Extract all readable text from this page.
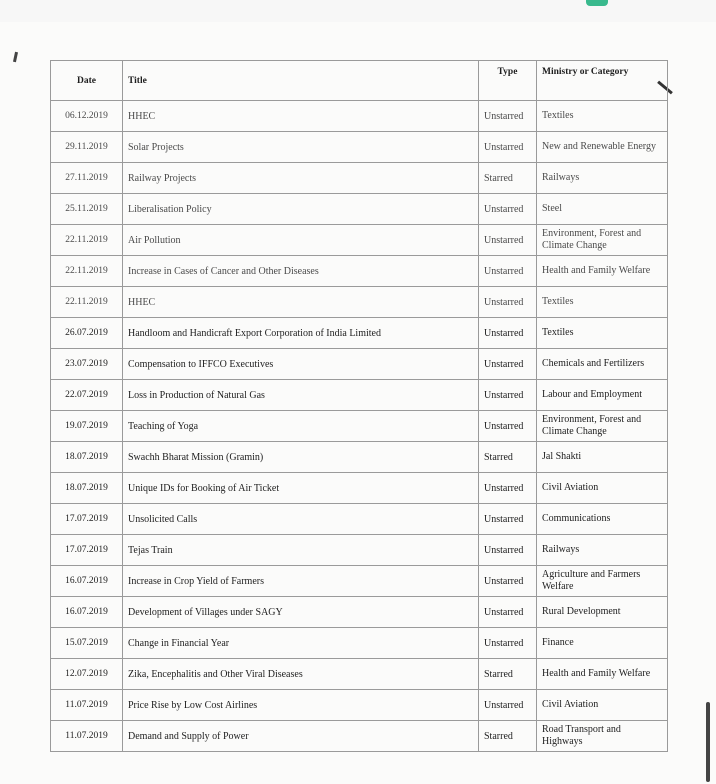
Date	Title	Type	Ministry or Category
06.12.2019	HHEC	Unstarred	Textiles
29.11.2019	Solar Projects	Unstarred	New and Renewable Energy
27.11.2019	Railway Projects	Starred	Railways
25.11.2019	Liberalisation Policy	Unstarred	Steel
22.11.2019	Air Pollution	Unstarred	Environment, Forest and Climate Change
22.11.2019	Increase in Cases of Cancer and Other Diseases	Unstarred	Health and Family Welfare
22.11.2019	HHEC	Unstarred	Textiles
26.07.2019	Handloom and Handicraft Export Corporation of India Limited	Unstarred	Textiles
23.07.2019	Compensation to IFFCO Executives	Unstarred	Chemicals and Fertilizers
22.07.2019	Loss in Production of Natural Gas	Unstarred	Labour and Employment
19.07.2019	Teaching of Yoga	Unstarred	Environment, Forest and Climate Change
18.07.2019	Swachh Bharat Mission (Gramin)	Starred	Jal Shakti
18.07.2019	Unique IDs for Booking of Air Ticket	Unstarred	Civil Aviation
17.07.2019	Unsolicited Calls	Unstarred	Communications
17.07.2019	Tejas Train	Unstarred	Railways
16.07.2019	Increase in Crop Yield of Farmers	Unstarred	Agriculture and Farmers Welfare
16.07.2019	Development of Villages under SAGY	Unstarred	Rural Development
15.07.2019	Change in Financial Year	Unstarred	Finance
12.07.2019	Zika, Encephalitis and Other Viral Diseases	Starred	Health and Family Welfare
11.07.2019	Price Rise by Low Cost Airlines	Unstarred	Civil Aviation
11.07.2019	Demand and Supply of Power	Starred	Road Transport and Highways
